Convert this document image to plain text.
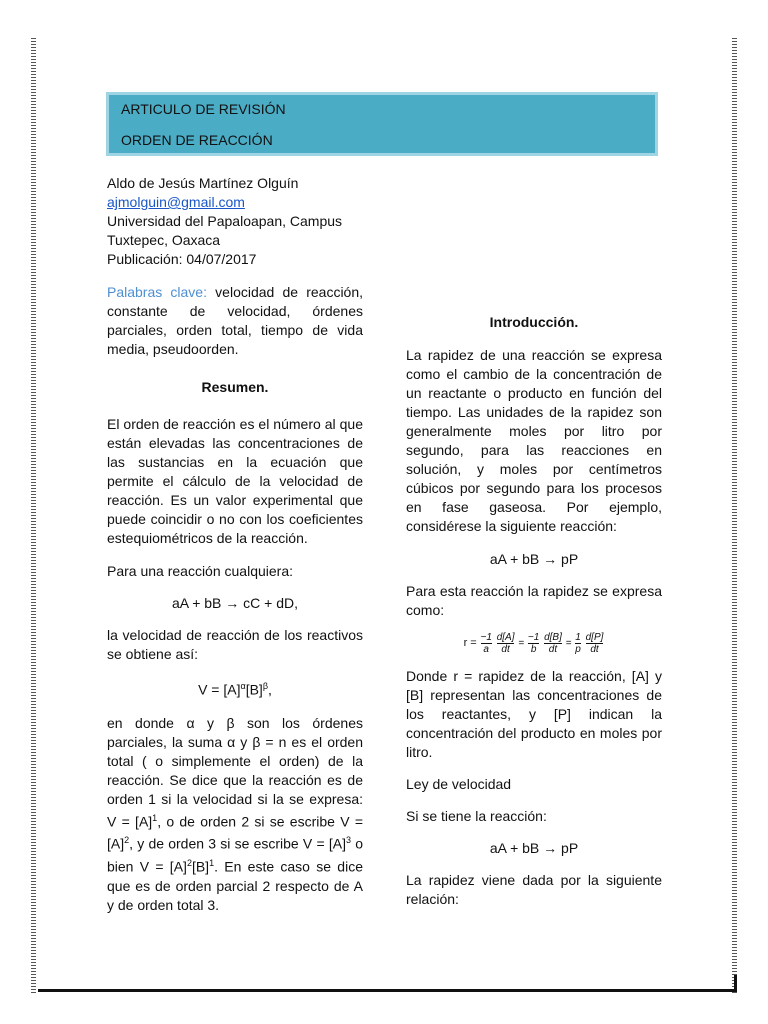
ARTICULO DE REVISIÓN
ORDEN DE REACCIÓN

Aldo de Jesús Martínez Olguín

ajmolguin@gmail.com

Universidad del Papaloapan, Campus

Tuxtepec, Oaxaca

Publicación: 04/07/2017

Palabras clave: velocidad de reacción, constante de velocidad, órdenes parciales, orden total, tiempo de vida media, pseudoorden.

Resumen.

El orden de reacción es el número al que están elevadas las concentraciones de las sustancias en la ecuación que permite el cálculo de la velocidad de reacción. Es un valor experimental que puede coincidir o no con los coeficientes estequiométricos de la reacción.

Para una reacción cualquiera:

aA + bB → cC + dD,

la velocidad de reacción de los reactivos se obtiene así:

$V = [A]^\alpha[B]^\beta$,

en donde α y β son los órdenes parciales, la suma α y β = n es el orden total ( o simplemente el orden) de la reacción. Se dice que la reacción es de orden 1 si la velocidad si la se expresa: $V = [A]^1$, o de orden 2 si se escribe $V = [A]^2$, y de orden 3 si se escribe $V = [A]^3$ o bien $V = [A]^2[B]^1$. En este caso se dice que es de orden parcial 2 respecto de A y de orden total 3.

Introducción.

La rapidez de una reacción se expresa como el cambio de la concentración de un reactante o producto en función del tiempo. Las unidades de la rapidez son generalmente moles por litro por segundo, para las reacciones en solución, y moles por centímetros cúbicos por segundo para los procesos en fase gaseosa. Por ejemplo, considérese la siguiente reacción:

aA + bB → pP

Para esta reacción la rapidez se expresa como:

$r = \frac{-1}{a}$
$\frac{d[A]}{dt} = \frac{-1}{b}$
$\frac{d[B]}{dt} = \frac{1}{p}$
$\frac{d[P]}{dt}$

Donde r = rapidez de la reacción, [A] y [B] representan las concentraciones de los reactantes, y [P] indican la concentración del producto en moles por litro.

Ley de velocidad

Si se tiene la reacción:

aA + bB → pP

La rapidez viene dada por la siguiente relación:
